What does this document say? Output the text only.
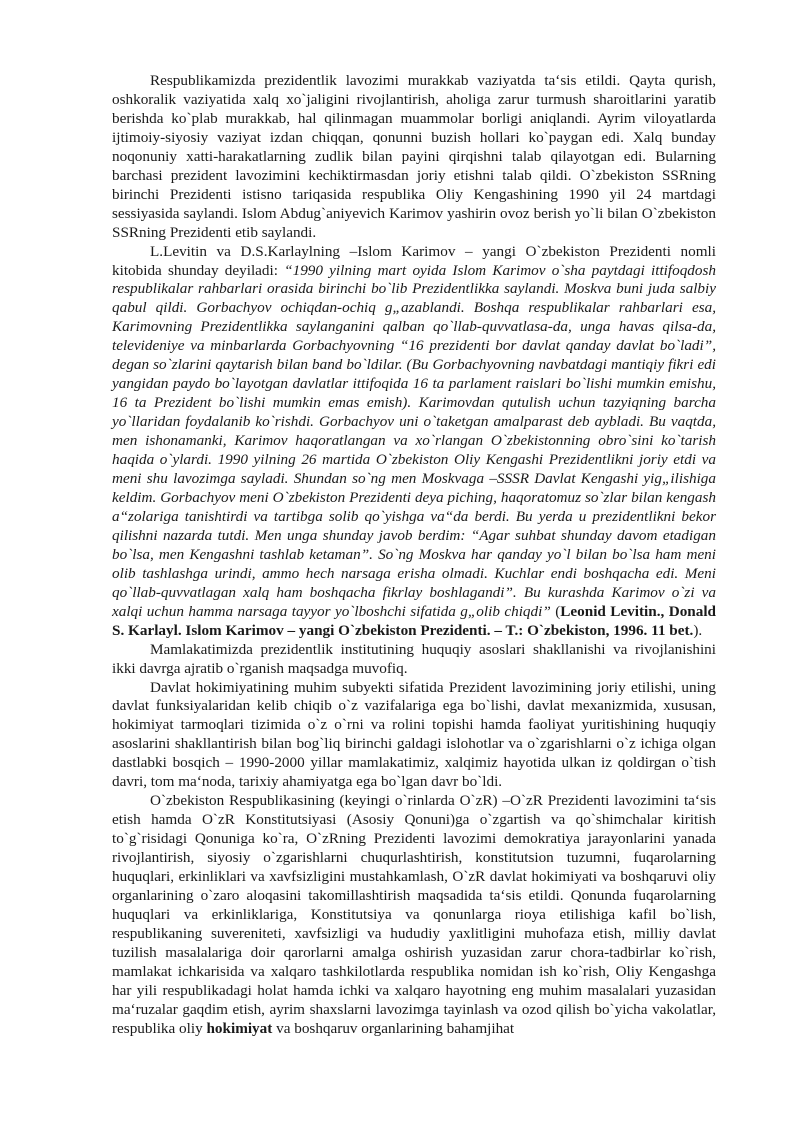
Respublikamizda prezidentlik lavozimi murakkab vaziyatda ta‘sis etildi. Qayta qurish, oshkoralik vaziyatida xalq xo`jaligini rivojlantirish, aholiga zarur turmush sharoitlarini yaratib berishda ko`plab murakkab, hal qilinmagan muammolar borligi aniqlandi. Ayrim viloyatlarda ijtimoiy-siyosiy vaziyat izdan chiqqan, qonunni buzish hollari ko`paygan edi. Xalq bunday noqonuniy xatti-harakatlarning zudlik bilan payini qirqishni talab qilayotgan edi. Bularning barchasi prezident lavozimini kechiktirmasdan joriy etishni talab qildi. O`zbekiston SSRning birinchi Prezidenti istisno tariqasida respublika Oliy Kengashining 1990 yil 24 martdagi sessiyasida saylandi. Islom Abdug`aniyevich Karimov yashirin ovoz berish yo`li bilan O`zbekiston SSRning Prezidenti etib saylandi.

L.Levitin va D.S.Karlaylning –Islom Karimov – yangi O`zbekiston Prezidenti nomli kitobida shunday deyiladi: “1990 yilning mart oyida Islom Karimov o`sha paytdagi ittifoqdosh respublikalar rahbarlari orasida birinchi bo`lib Prezidentlikka saylandi. Moskva buni juda salbiy qabul qildi. Gorbachyov ochiqdan-ochiq g„azablandi. Boshqa respublikalar rahbarlari esa, Karimovning Prezidentlikka saylanganini qalban qo`llab-quvvatlasa-da, unga havas qilsa-da, televideniye va minbarlarda Gorbachyovning “16 prezidenti bor davlat qanday davlat bo`ladi”, degan so`zlarini qaytarish bilan band bo`ldilar. (Bu Gorbachyovning navbatdagi mantiqiy fikri edi yangidan paydo bo`layotgan davlatlar ittifoqida 16 ta parlament raislari bo`lishi mumkin emishu, 16 ta Prezident bo`lishi mumkin emas emish). Karimovdan qutulish uchun tazyiqning barcha yo`llaridan foydalanib ko`rishdi. Gorbachyov uni o`taketgan amalparast deb aybladi. Bu vaqtda, men ishonamanki, Karimov haqoratlangan va xo`rlangan O`zbekistonning obro`sini ko`tarish haqida o`ylardi. 1990 yilning 26 martida O`zbekiston Oliy Kengashi Prezidentlikni joriy etdi va meni shu lavozimga sayladi. Shundan so`ng men Moskvaga –SSSR Davlat Kengashi yig„ilishiga keldim. Gorbachyov meni O`zbekiston Prezidenti deya piching, haqoratomuz so`zlar bilan kengash a“zolariga tanishtirdi va tartibga solib qo`yishga va“da berdi. Bu yerda u prezidentlikni bekor qilishni nazarda tutdi. Men unga shunday javob berdim: “Agar suhbat shunday davom etadigan bo`lsa, men Kengashni tashlab ketaman”. So`ng Moskva har qanday yo`l bilan bo`lsa ham meni olib tashlashga urindi, ammo hech narsaga erisha olmadi. Kuchlar endi boshqacha edi. Meni qo`llab-quvvatlagan xalq ham boshqacha fikrlay boshlagandi”. Bu kurashda Karimov o`zi va xalqi uchun hamma narsaga tayyor yo`lboshchi sifatida g„olib chiqdi” (Leonid Levitin., Donald S. Karlayl. Islom Karimov – yangi O`zbekiston Prezidenti. – T.: O`zbekiston, 1996. 11 bet.).

Mamlakatimizda prezidentlik institutining huquqiy asoslari shakllanishi va rivojlanishini ikki davrga ajratib o`rganish maqsadga muvofiq.

Davlat hokimiyatining muhim subyekti sifatida Prezident lavozimining joriy etilishi, uning davlat funksiyalaridan kelib chiqib o`z vazifalariga ega bo`lishi, davlat mexanizmida, xususan, hokimiyat tarmoqlari tizimida o`z o`rni va rolini topishi hamda faoliyat yuritishining huquqiy asoslarini shakllantirish bilan bog`liq birinchi galdagi islohotlar va o`zgarishlarni o`z ichiga olgan dastlabki bosqich – 1990-2000 yillar mamlakatimiz, xalqimiz hayotida ulkan iz qoldirgan o`tish davri, tom ma‘noda, tarixiy ahamiyatga ega bo`lgan davr bo`ldi.

O`zbekiston Respublikasining (keyingi o`rinlarda O`zR) –O`zR Prezidenti lavozimini ta‘sis etish hamda O`zR Konstitutsiyasi (Asosiy Qonuni)ga o`zgartish va qo`shimchalar kiritish to`g`risidagi Qonuniga ko`ra, O`zRning Prezidenti lavozimi demokratiya jarayonlarini yanada rivojlantirish, siyosiy o`zgarishlarni chuqurlashtirish, konstitutsion tuzumni, fuqarolarning huquqlari, erkinliklari va xavfsizligini mustahkamlash, O`zR davlat hokimiyati va boshqaruvi oliy organlarining o`zaro aloqasini takomillashtirish maqsadida ta‘sis etildi. Qonunda fuqarolarning huquqlari va erkinliklariga, Konstitutsiya va qonunlarga rioya etilishiga kafil bo`lish, respublikaning suvereniteti, xavfsizligi va hududiy yaxlitligini muhofaza etish, milliy davlat tuzilish masalalariga doir qarorlarni amalga oshirish yuzasidan zarur chora-tadbirlar ko`rish, mamlakat ichkarisida va xalqaro tashkilotlarda respublika nomidan ish ko`rish, Oliy Kengashga har yili respublikadagi holat hamda ichki va xalqaro hayotning eng muhim masalalari yuzasidan ma‘ruzalar gaqdim etish, ayrim shaxslarni lavozimga tayinlash va ozod qilish bo`yicha vakolatlar, respublika oliy hokimiyat va boshqaruv organlarining bahamjihat
